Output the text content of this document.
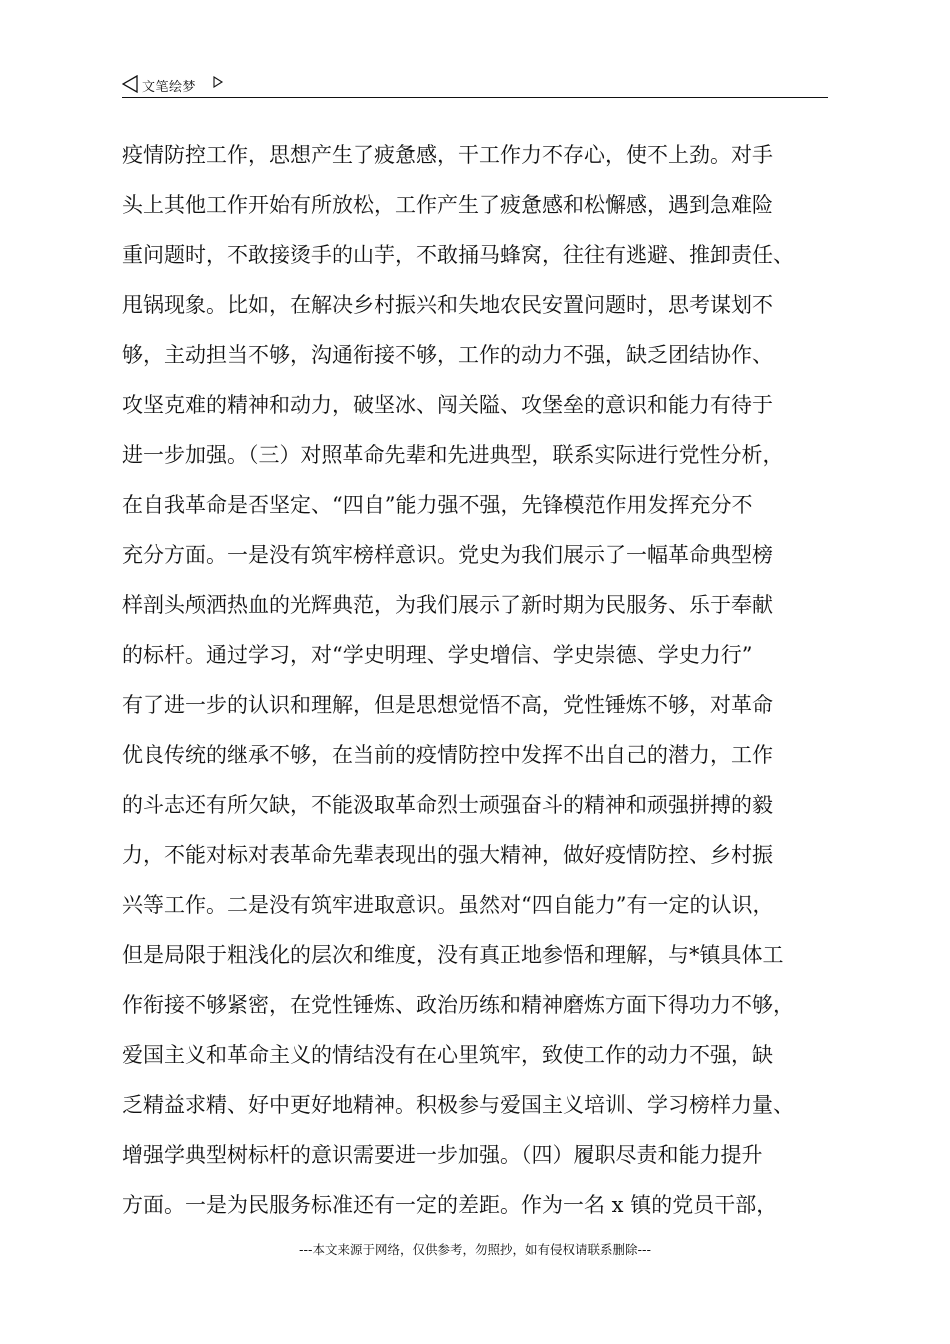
文笔绘梦
疫情防控工作，思想产生了疲惫感，干工作力不存心，使不上劲。对手
头上其他工作开始有所放松，工作产生了疲惫感和松懈感，遇到急难险
重问题时，不敢接烫手的山芋，不敢捅马蜂窝，往往有逃避、推卸责任、
甩锅现象。比如，在解决乡村振兴和失地农民安置问题时，思考谋划不
够，主动担当不够，沟通衔接不够，工作的动力不强，缺乏团结协作、
攻坚克难的精神和动力，破坚冰、闯关隘、攻堡垒的意识和能力有待于
进一步加强。（三）对照革命先辈和先进典型，联系实际进行党性分析，
在自我革命是否坚定、“四自”能力强不强，先锋模范作用发挥充分不
充分方面。一是没有筑牢榜样意识。党史为我们展示了一幅革命典型榜
样剖头颅洒热血的光辉典范，为我们展示了新时期为民服务、乐于奉献
的标杆。通过学习，对“学史明理、学史增信、学史崇德、学史力行”
有了进一步的认识和理解，但是思想觉悟不高，党性锤炼不够，对革命
优良传统的继承不够，在当前的疫情防控中发挥不出自己的潜力，工作
的斗志还有所欠缺，不能汲取革命烈士顽强奋斗的精神和顽强拼搏的毅
力，不能对标对表革命先辈表现出的强大精神，做好疫情防控、乡村振
兴等工作。二是没有筑牢进取意识。虽然对“四自能力”有一定的认识，
但是局限于粗浅化的层次和维度，没有真正地参悟和理解，与*镇具体工
作衔接不够紧密，在党性锤炼、政治历练和精神磨炼方面下得功力不够，
爱国主义和革命主义的情结没有在心里筑牢，致使工作的动力不强，缺
乏精益求精、好中更好地精神。积极参与爱国主义培训、学习榜样力量、
增强学典型树标杆的意识需要进一步加强。（四）履职尽责和能力提升
方面。一是为民服务标准还有一定的差距。作为一名 x 镇的党员干部，
---本文来源于网络，仅供参考，勿照抄，如有侵权请联系删除---
